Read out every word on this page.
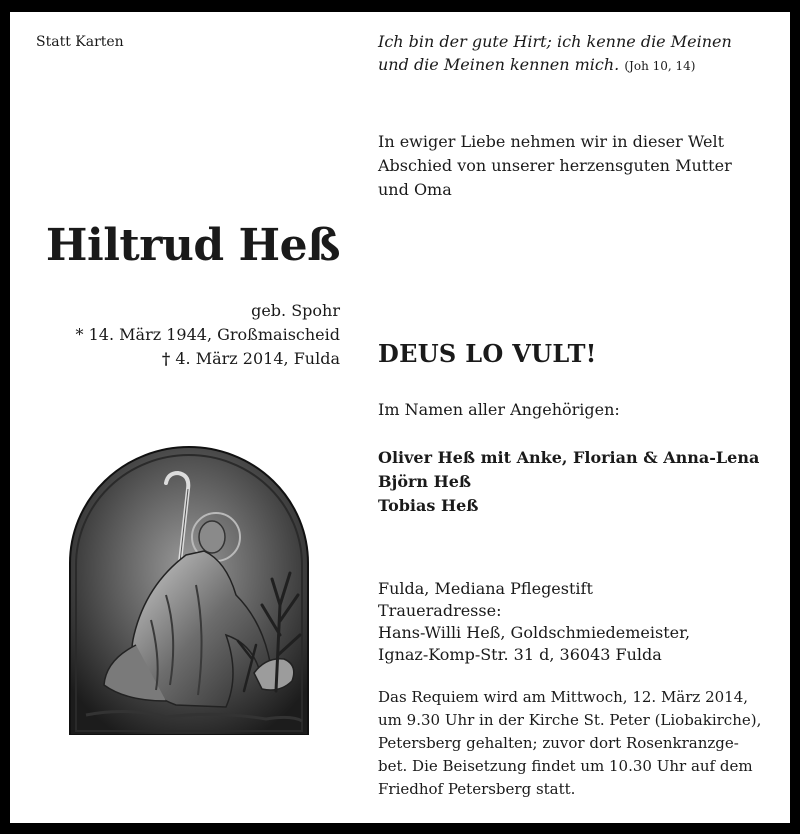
Statt Karten	Ich bin der gute Hirt; ich kenne die Meinen
und die Meinen kennen mich. (Joh 10, 14)
In ewiger Liebe nehmen wir in dieser Welt
Abschied von unserer herzensguten Mutter
und Oma
Hiltrud Heß
geb. Spohr
* 14. März 1944, Großmaischeid
† 4. März 2014, Fulda DEUS LO VULT!
Im Namen aller Angehörigen:
Oliver Heß mit Anke, Florian & Anna-Lena
Björn Heß
Tobias Heß
Fulda, Mediana Pflegestift
Traueradresse:
Hans-Willi Heß, Goldschmiedemeister,
Ignaz-Komp-Str. 31 d, 36043 Fulda
Das Requiem wird am Mittwoch, 12. März 2014,
um 9.30 Uhr in der Kirche St. Peter (Liobakirche),
Petersberg gehalten; zuvor dort Rosenkranzge-
bet. Die Beisetzung findet um 10.30 Uhr auf dem
Friedhof Petersberg statt.
